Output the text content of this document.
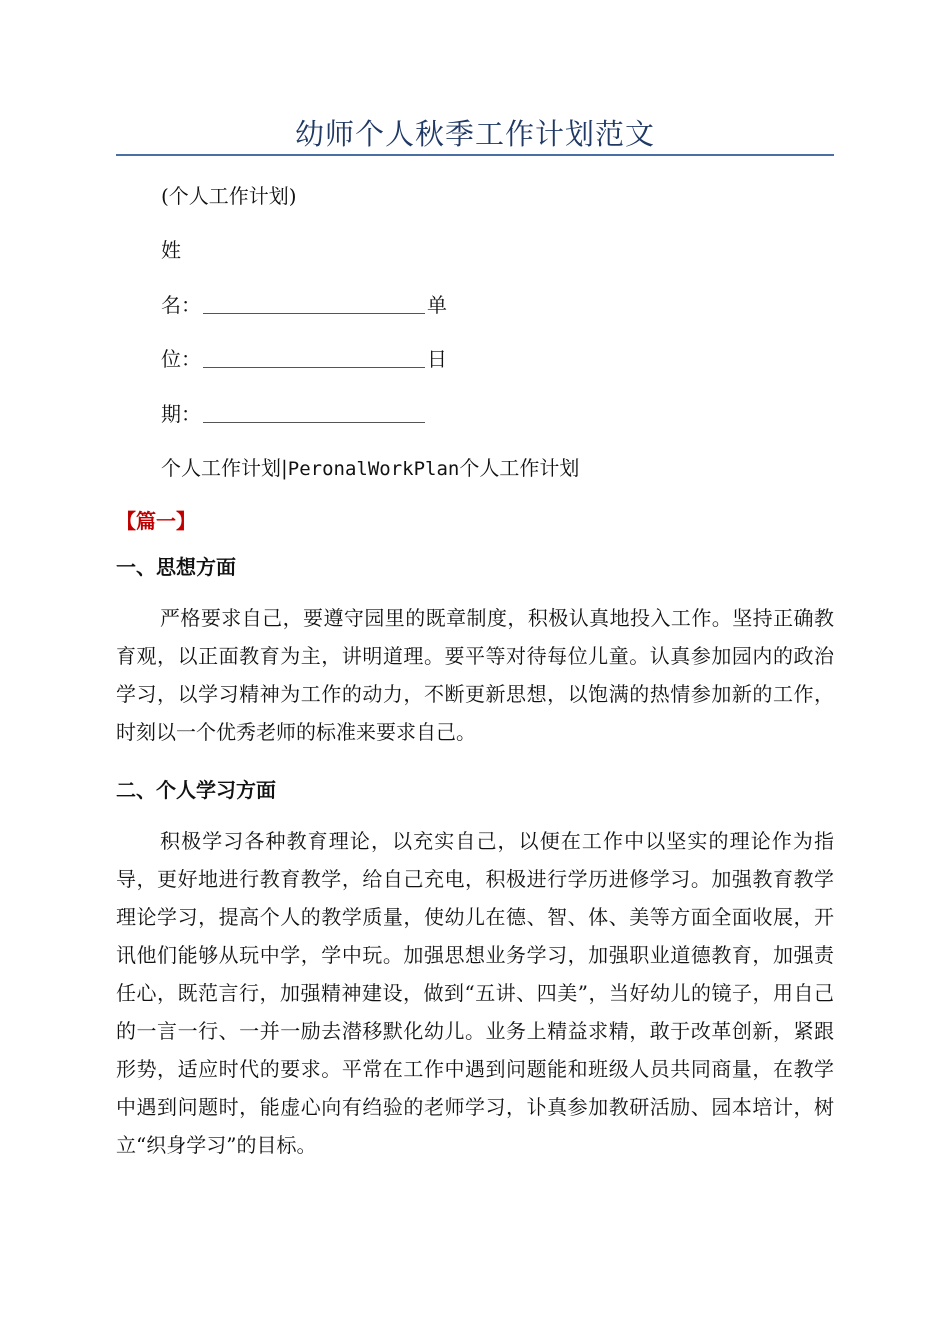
幼师个人秋季工作计划范文
(个人工作计划)
姓
名：	单
位：	日
期：
个人工作计划|PeronalWorkPlan个人工作计划
【篇一】
一、思想方面
严格要求自己，要遵守园里的既章制度，积极认真地投入工作。坚持正确教育观，以正面教育为主，讲明道理。要平等对待每位儿童。认真参加园内的政治学习，以学习精神为工作的动力，不断更新思想，以饱满的热情参加新的工作，时刻以一个优秀老师的标准来要求自己。
二、个人学习方面
积极学习各种教育理论，以充实自己，以便在工作中以坚实的理论作为指导，更好地进行教育教学，给自己充电，积极进行学历进修学习。加强教育教学理论学习，提高个人的教学质量，使幼儿在德、智、体、美等方面全面收展，开讯他们能够从玩中学，学中玩。加强思想业务学习，加强职业道德教育，加强责任心，既范言行，加强精神建设，做到“五讲、四美”，当好幼儿的镜子，用自己的一言一行、一并一励去潜移默化幼儿。业务上精益求精，敢于改革创新，紧跟形势，适应时代的要求。平常在工作中遇到问题能和班级人员共同商量，在教学中遇到问题时，能虚心向有绉验的老师学习，讣真参加教研活励、园本培计，树立“织身学习”的目标。
